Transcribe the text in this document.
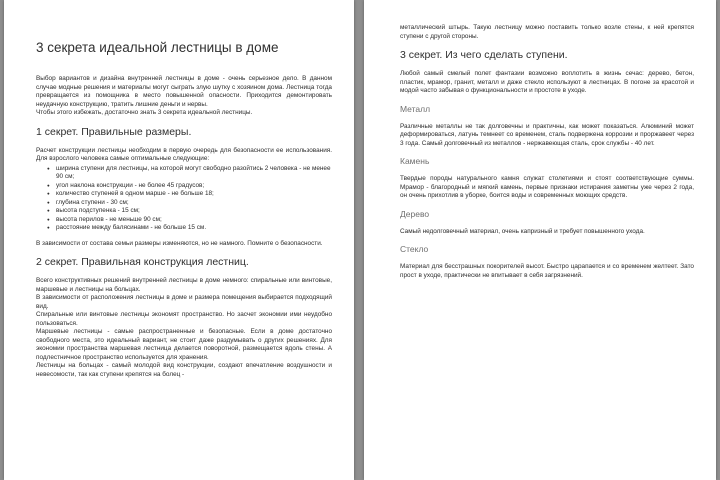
3 секрета идеальной лестницы в доме

Выбор вариантов и дизайна внутренней лестницы в доме - очень серьезное дело. В данном случае модные решения и материалы могут сыграть злую шутку с хозяином дома. Лестница тогда превращается из помощника в место повышенной опасности. Приходится демонтировать неудачную конструкцию, тратить лишние деньги и нервы.

Чтобы этого избежать, достаточно знать 3 секрета идеальной лестницы.

1 секрет. Правильные размеры.

Расчет конструкции лестницы необходим в первую очередь для безопасности ее использования. Для взрослого человека самые оптимальные следующие:

● ширина ступени для лестницы, на которой могут свободно разойтись 2 человека - не менее 90 см;
● угол наклона конструкции - не более 45 градусов;
● количество ступеней в одном марше - не больше 18;
● глубина ступени - 30 см;
● высота подступенка - 15 см;
● высота перилов - не меньше 90 см;
● расстояние между балясинами - не больше 15 см.

В зависимости от состава семьи размеры изменяются, но не намного. Помните о безопасности.

2 секрет. Правильная конструкция лестниц.

Всего конструктивных решений внутренней лестницы в доме немного: спиральные или винтовые, маршевые и лестницы на больцах.

В зависимости от расположения лестницы в доме и размера помещения выбирается подходящий вид.

Спиральные или винтовые лестницы экономят пространство. Но засчет экономии ими неудобно пользоваться.

Маршевые лестницы - самые распространенные и безопасные. Если в доме достаточно свободного места, это идеальный вариант, не стоит даже раздумывать о других решениях. Для экономии пространства маршевая лестница делается поворотной, размещается вдоль стены. А подлестничное пространство используется для хранения.

Лестницы на больцах - самый молодой вид конструкции, создают впечатление воздушности и невесомости, так как ступени крепятся на болец -

металлический штырь. Такую лестницу можно поставить только возле стены, к ней крепятся ступени с другой стороны.

3 секрет. Из чего сделать ступени.

Любой самый смелый полет фантазии возможно воплотить в жизнь сечас: дерево, бетон, пластик, мрамор, гранит, металл и даже стекло используют в лестницах. В погоне за красотой и модой часто забывая о функциональности и простоте в уходе.

Металл

Различные металлы не так долговечны и практичны, как может показаться. Алюминий может деформироваться, латунь темнеет со временем, сталь подвержена коррозии и проржавеет через 3 года. Самый долговечный из металлов - нержавеющая сталь, срок службы - 40 лет.

Камень

Твердые породы натурального камня служат столетиями и стоят соответствующие суммы. Мрамор - благородный и мягкий камень, первые признаки истирания заметны уже через 2 года, он очень прихотлив в уборке, боится воды и современных моющих средств.

Дерево

Самый недолговечный материал, очень капризный и требует повышенного ухода.

Стекло

Материал для бесстрашных покорителей высот. Быстро царапается и со временем желтеет. Зато прост в уходе, практически не впитывает в себя загрязнений.
